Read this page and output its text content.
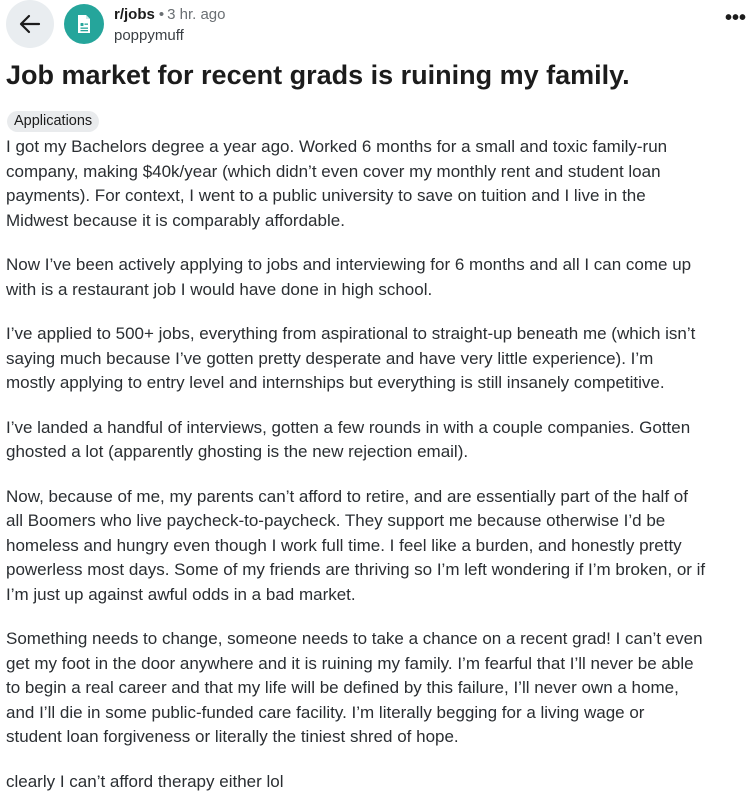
r/jobs • 3 hr. ago
poppymuff
•••
Job market for recent grads is ruining my family.
Applications

I got my Bachelors degree a year ago. Worked 6 months for a small and toxic family-run
company, making $40k/year (which didn’t even cover my monthly rent and student loan
payments). For context, I went to a public university to save on tuition and I live in the
Midwest because it is comparably affordable.

Now I’ve been actively applying to jobs and interviewing for 6 months and all I can come up
with is a restaurant job I would have done in high school.

I’ve applied to 500+ jobs, everything from aspirational to straight-up beneath me (which isn’t
saying much because I’ve gotten pretty desperate and have very little experience). I’m
mostly applying to entry level and internships but everything is still insanely competitive.

I’ve landed a handful of interviews, gotten a few rounds in with a couple companies. Gotten
ghosted a lot (apparently ghosting is the new rejection email).

Now, because of me, my parents can’t afford to retire, and are essentially part of the half of
all Boomers who live paycheck-to-paycheck. They support me because otherwise I’d be
homeless and hungry even though I work full time. I feel like a burden, and honestly pretty
powerless most days. Some of my friends are thriving so I’m left wondering if I’m broken, or if
I’m just up against awful odds in a bad market.

Something needs to change, someone needs to take a chance on a recent grad! I can’t even
get my foot in the door anywhere and it is ruining my family. I’m fearful that I’ll never be able
to begin a real career and that my life will be defined by this failure, I’ll never own a home,
and I’ll die in some public-funded care facility. I’m literally begging for a living wage or
student loan forgiveness or literally the tiniest shred of hope.

clearly I can’t afford therapy either lol
